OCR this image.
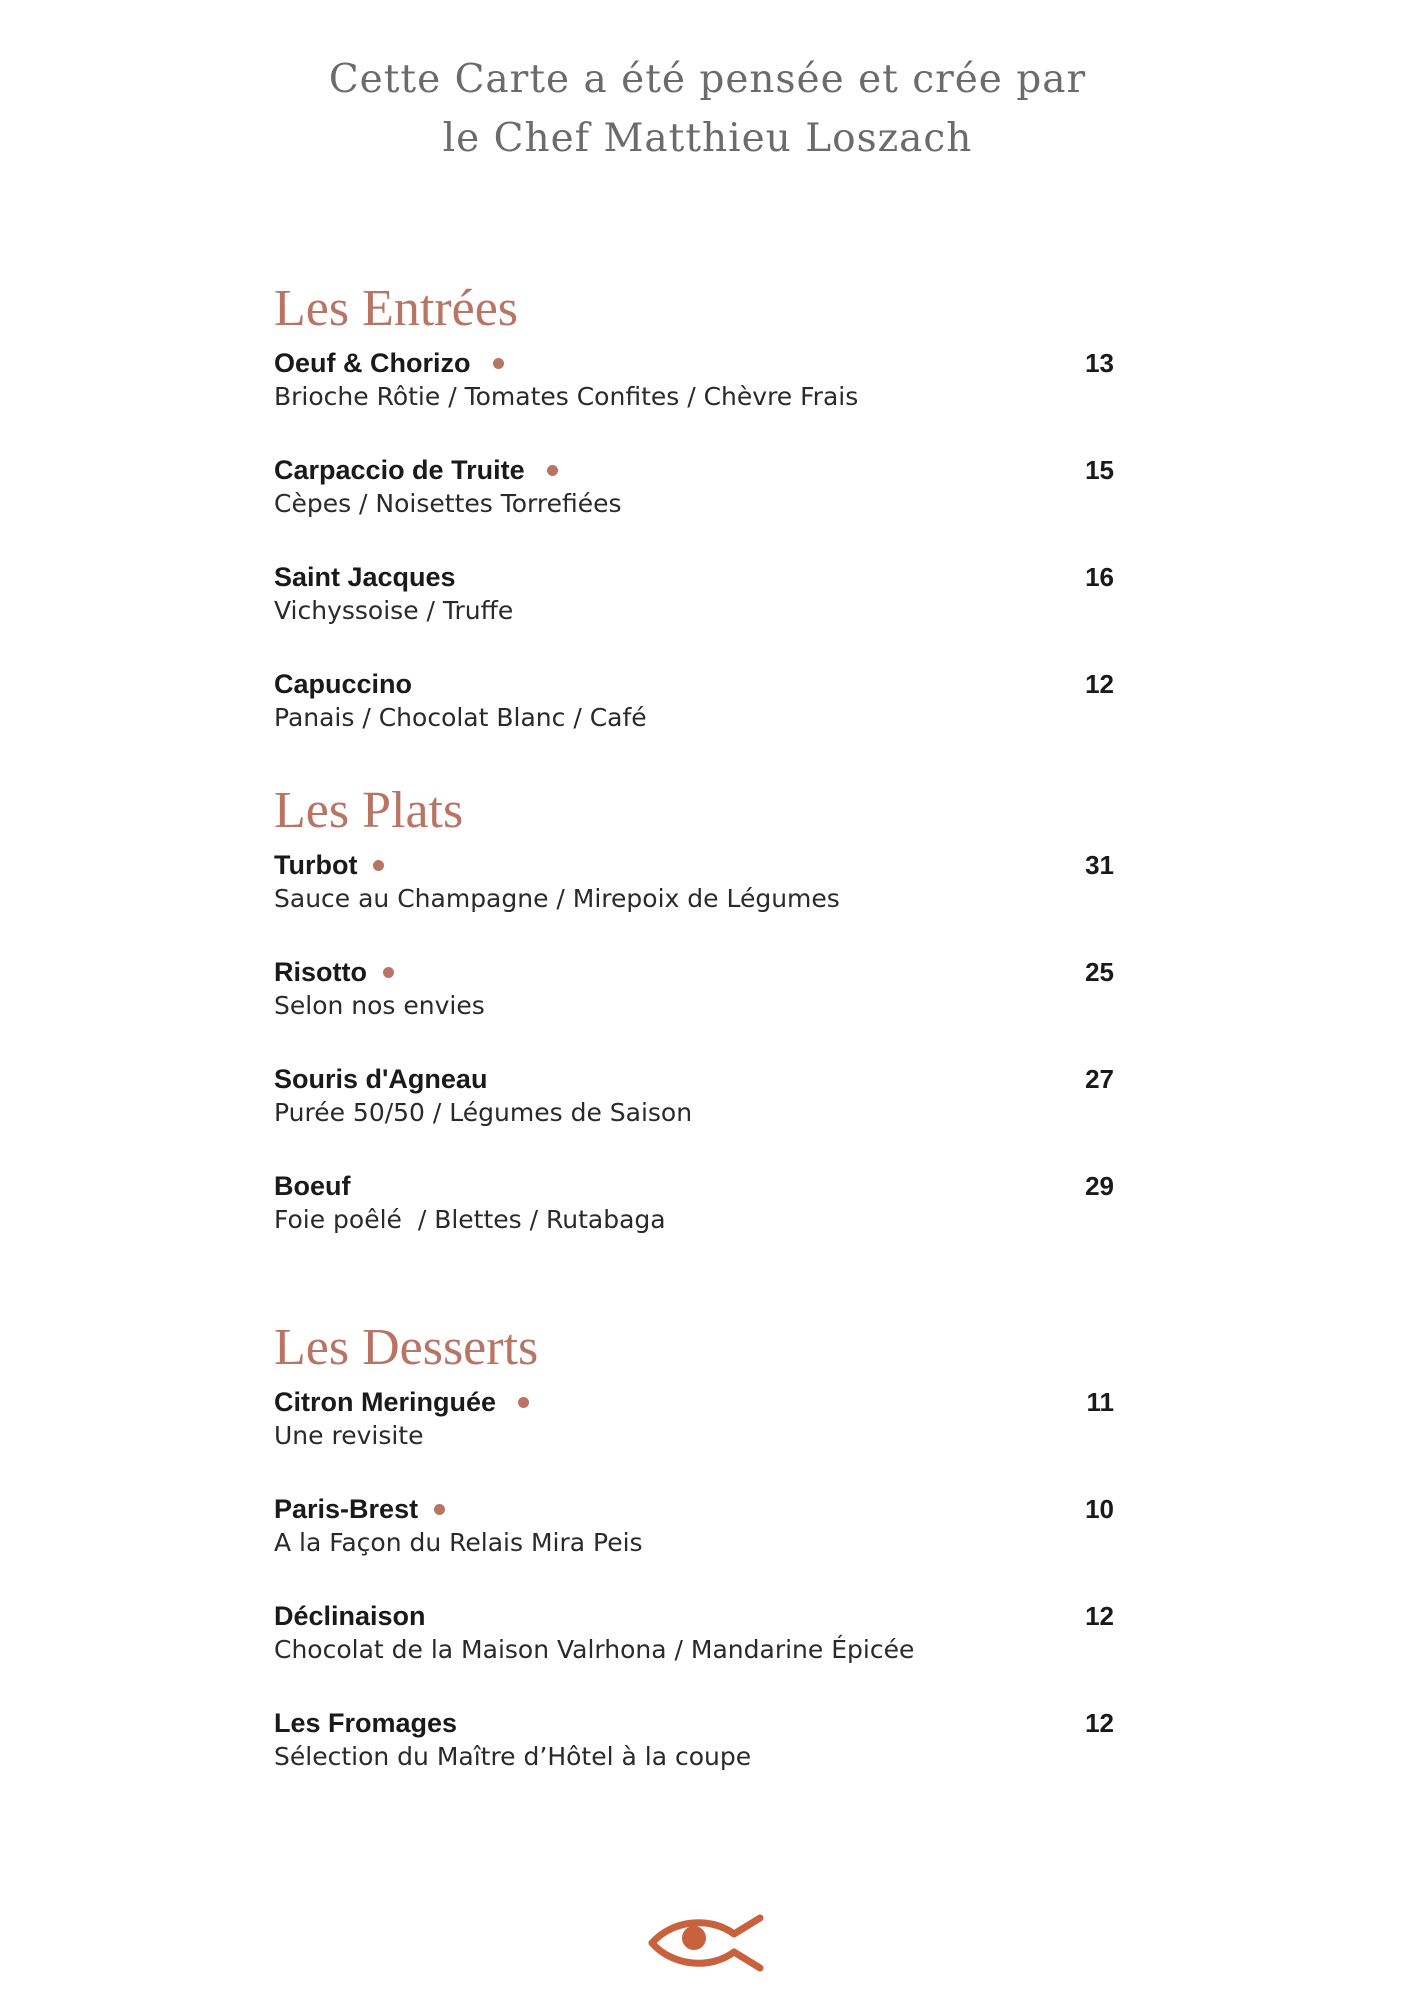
Cette Carte a été pensée et crée par
le Chef Matthieu Loszach
Les Entrées
Oeuf & Chorizo
Brioche Rôtie / Tomates Confites / Chèvre Frais
13
Carpaccio de Truite
Cèpes / Noisettes Torrefiées
15
Saint Jacques
Vichyssoise / Truffe
16
Capuccino
Panais / Chocolat Blanc / Café
12
Les Plats
Turbot
Sauce au Champagne / Mirepoix de Légumes
31
Risotto
Selon nos envies
25
Souris d'Agneau
Purée 50/50 / Légumes de Saison
27
Boeuf
Foie poêlé  / Blettes / Rutabaga
29
Les Desserts
Citron Meringuée
Une revisite
11
Paris-Brest
A la Façon du Relais Mira Peis
10
Déclinaison
Chocolat de la Maison Valrhona / Mandarine Épicée
12
Les Fromages
Sélection du Maître d’Hôtel à la coupe
12
